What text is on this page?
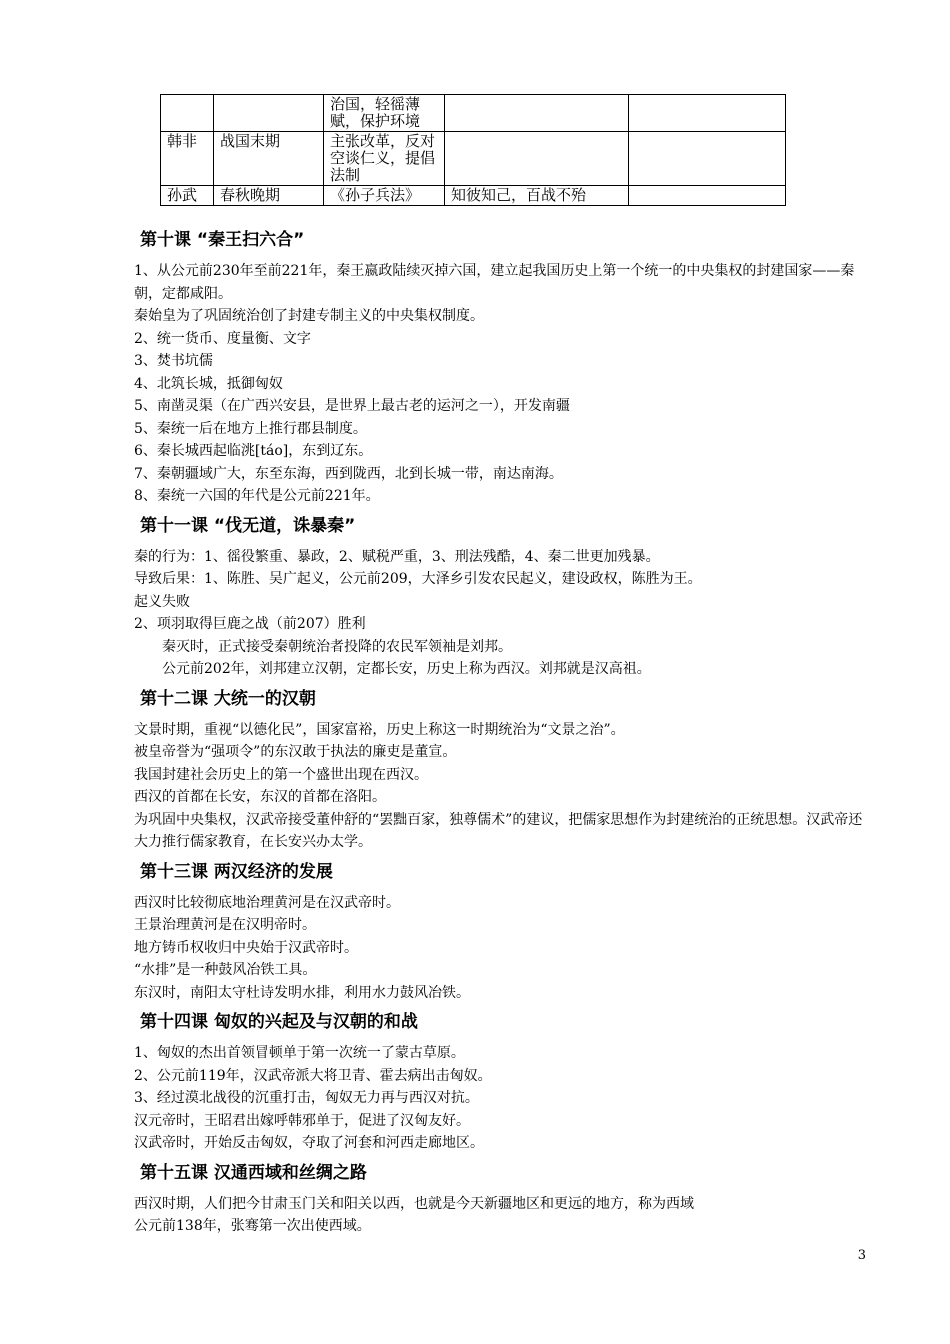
		治国，轻徭薄赋，保护环境		
韩非	战国末期	主张改革，反对空谈仁义，提倡法制		
孙武	春秋晚期	《孙子兵法》	知彼知己，百战不殆	
第十课 “秦王扫六合”

1、从公元前230年至前221年，秦王嬴政陆续灭掉六国，建立起我国历史上第一个统一的中央集权的封建国家——秦朝，定都咸阳。

秦始皇为了巩固统治创了封建专制主义的中央集权制度。

2、统一货币、度量衡、文字

3、焚书坑儒

4、北筑长城，抵御匈奴

5、南凿灵渠（在广西兴安县，是世界上最古老的运河之一），开发南疆

5、秦统一后在地方上推行郡县制度。

6、秦长城西起临洮[táo]，东到辽东。

7、秦朝疆域广大，东至东海，西到陇西，北到长城一带，南达南海。

8、秦统一六国的年代是公元前221年。

第十一课 “伐无道，诛暴秦”

秦的行为：1、徭役繁重、暴政，2、赋税严重，3、刑法残酷，4、秦二世更加残暴。

导致后果：1、陈胜、吴广起义，公元前209，大泽乡引发农民起义，建设政权，陈胜为王。

起义失败

2、项羽取得巨鹿之战（前207）胜利

秦灭时，正式接受秦朝统治者投降的农民军领袖是刘邦。

公元前202年，刘邦建立汉朝，定都长安，历史上称为西汉。刘邦就是汉高祖。

第十二课 大统一的汉朝

文景时期，重视“以德化民”，国家富裕，历史上称这一时期统治为“文景之治”。

被皇帝誉为“强项令”的东汉敢于执法的廉吏是董宣。

我国封建社会历史上的第一个盛世出现在西汉。

西汉的首都在长安，东汉的首都在洛阳。

为巩固中央集权，汉武帝接受董仲舒的“罢黜百家，独尊儒术”的建议，把儒家思想作为封建统治的正统思想。汉武帝还大力推行儒家教育，在长安兴办太学。

第十三课 两汉经济的发展

西汉时比较彻底地治理黄河是在汉武帝时。

王景治理黄河是在汉明帝时。

地方铸币权收归中央始于汉武帝时。

“水排”是一种鼓风冶铁工具。

东汉时，南阳太守杜诗发明水排，利用水力鼓风冶铁。

第十四课 匈奴的兴起及与汉朝的和战

1、匈奴的杰出首领冒顿单于第一次统一了蒙古草原。

2、公元前119年，汉武帝派大将卫青、霍去病出击匈奴。

3、经过漠北战役的沉重打击，匈奴无力再与西汉对抗。

汉元帝时，王昭君出嫁呼韩邪单于，促进了汉匈友好。

汉武帝时，开始反击匈奴，夺取了河套和河西走廊地区。

第十五课 汉通西域和丝绸之路

西汉时期，人们把今甘肃玉门关和阳关以西，也就是今天新疆地区和更远的地方，称为西域

公元前138年，张骞第一次出使西域。

3
